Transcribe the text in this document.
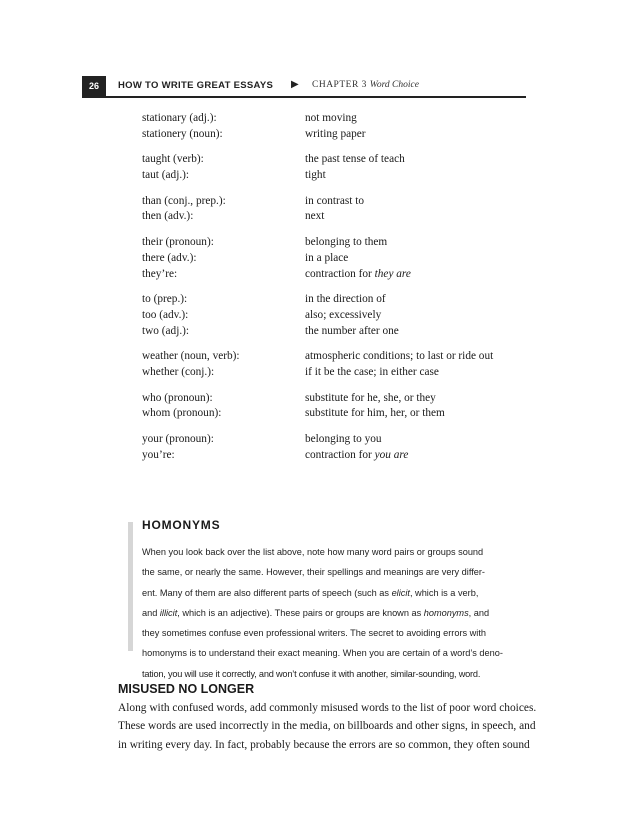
26	HOW TO WRITE GREAT ESSAYS ▶ CHAPTER 3 Word Choice
stationary (adj.):	not moving
stationery (noun):	writing paper
taught (verb):	the past tense of teach
taut (adj.):	tight
than (conj., prep.):	in contrast to
then (adv.):	next
their (pronoun):	belonging to them
there (adv.):	in a place
they’re:	contraction for they are
to (prep.):	in the direction of
too (adv.):	also; excessively
two (adj.):	the number after one
weather (noun, verb):	atmospheric conditions; to last or ride out
whether (conj.):	if it be the case; in either case
who (pronoun):	substitute for he, she, or they
whom (pronoun):	substitute for him, her, or them
your (pronoun):	belonging to you
you’re:	contraction for you are
HOMONYMS
When you look back over the list above, note how many word pairs or groups sound
the same, or nearly the same. However, their spellings and meanings are very differ-
ent. Many of them are also different parts of speech (such as elicit, which is a verb,
and illicit, which is an adjective). These pairs or groups are known as homonyms, and
they sometimes confuse even professional writers. The secret to avoiding errors with
homonyms is to understand their exact meaning. When you are certain of a word’s deno-
tation, you will use it correctly, and won’t confuse it with another, similar-sounding, word.
MISUSED NO LONGER
Along with confused words, add commonly misused words to the list of poor word choices.
These words are used incorrectly in the media, on billboards and other signs, in speech, and
in writing every day. In fact, probably because the errors are so common, they often sound
